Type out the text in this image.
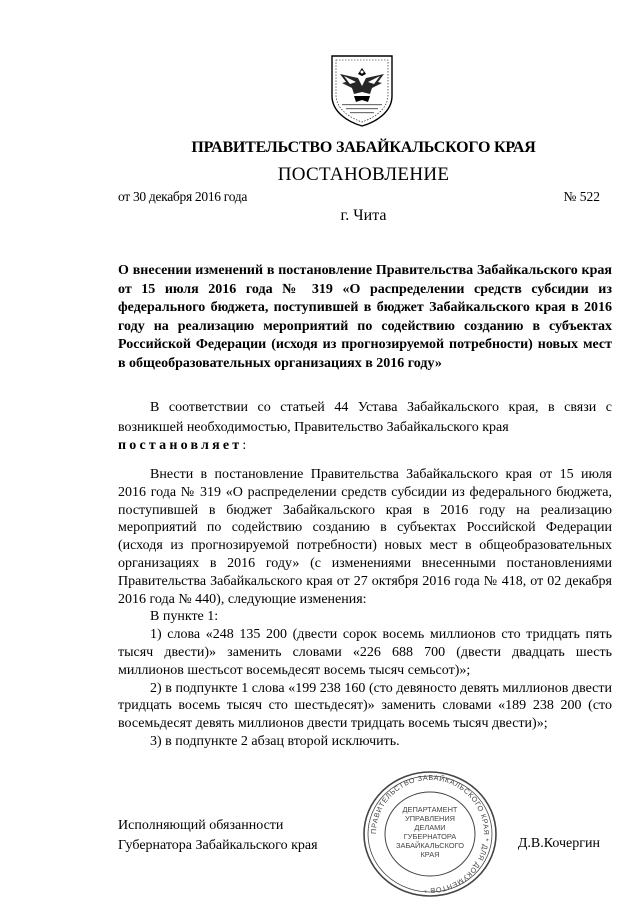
ПРАВИТЕЛЬСТВО ЗАБАЙКАЛЬСКОГО КРАЯ
ПОСТАНОВЛЕНИЕ
от 30 декабря 2016 года	№ 522
г. Чита
О внесении изменений в постановление Правительства Забайкальского края от 15 июля 2016 года № 319 «О распределении средств субсидии из федерального бюджета, поступившей в бюджет Забайкальского края в 2016 году на реализацию мероприятий по содействию созданию в субъектах Российской Федерации (исходя из прогнозируемой потребности) новых мест в общеобразовательных организациях в 2016 году»
В соответствии со статьей 44 Устава Забайкальского края, в связи с возникшей необходимостью, Правительство Забайкальского края
постановляет:

Внести в постановление Правительства Забайкальского края от 15 июля 2016 года № 319 «О распределении средств субсидии из федерального бюджета, поступившей в бюджет Забайкальского края в 2016 году на реализацию мероприятий по содействию созданию в субъектах Российской Федерации (исходя из прогнозируемой потребности) новых мест в общеобразовательных организациях в 2016 году» (с изменениями внесенными постановлениями Правительства Забайкальского края от 27 октября 2016 года № 418, от 02 декабря 2016 года № 440), следующие изменения:

В пункте 1:

1) слова «248 135 200 (двести сорок восемь миллионов сто тридцать пять тысяч двести)» заменить словами «226 688 700 (двести двадцать шесть миллионов шестьсот восемьдесят восемь тысяч семьсот)»;

2) в подпункте 1 слова «199 238 160 (сто девяносто девять миллионов двести тридцать восемь тысяч сто шестьдесят)» заменить словами «189 238 200 (сто восемьдесят девять миллионов двести тридцать восемь тысяч двести)»;

3) в подпункте 2 абзац второй исключить.

ПРАВИТЕЛЬСТВО ЗАБАЙКАЛЬСКОГО КРАЯ * ДЛЯ ДОКУМЕНТОВ *
ДЕПАРТАМЕНТ
УПРАВЛЕНИЯ
ДЕЛАМИ
ГУБЕРНАТОРА
ЗАБАЙКАЛЬСКОГО
КРАЯ
Исполняющий обязанности
Губернатора Забайкальского края	Д.В.Кочергин
